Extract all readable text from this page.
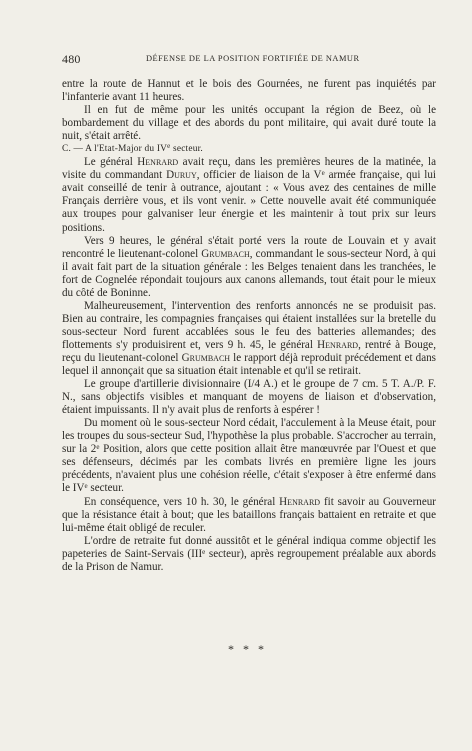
480	DÉFENSE DE LA POSITION FORTIFIÉE DE NAMUR

entre la route de Hannut et le bois des Gournées, ne furent pas inquiétés par l'infanterie avant 11 heures.

Il en fut de même pour les unités occupant la région de Beez, où le bombardement du village et des abords du pont militaire, qui avait duré toute la nuit, s'était arrêté.

C. — A l'Etat-Major du IVe secteur.

Le général Henrard avait reçu, dans les premières heures de la matinée, la visite du commandant Duruy, officier de liaison de la Ve armée française, qui lui avait conseillé de tenir à outrance, ajoutant : « Vous avez des centaines de mille Français derrière vous, et ils vont venir. » Cette nouvelle avait été communiquée aux troupes pour galvaniser leur énergie et les maintenir à tout prix sur leurs positions.

Vers 9 heures, le général s'était porté vers la route de Louvain et y avait rencontré le lieutenant-colonel Grumbach, commandant le sous-secteur Nord, à qui il avait fait part de la situation générale : les Belges tenaient dans les tranchées, le fort de Cognelée répondait toujours aux canons allemands, tout était pour le mieux du côté de Boninne.

Malheureusement, l'intervention des renforts annoncés ne se produisit pas. Bien au contraire, les compagnies françaises qui étaient installées sur la bretelle du sous-secteur Nord furent accablées sous le feu des batteries allemandes; des flottements s'y produisirent et, vers 9 h. 45, le général Henrard, rentré à Bouge, reçu du lieutenant-colonel Grumbach le rapport déjà reproduit précédement et dans lequel il annonçait que sa situation était intenable et qu'il se retirait.

Le groupe d'artillerie divisionnaire (I/4 A.) et le groupe de 7 cm. 5 T. A./P. F. N., sans objectifs visibles et manquant de moyens de liaison et d'observation, étaient impuissants. Il n'y avait plus de renforts à espérer !

Du moment où le sous-secteur Nord cédait, l'acculement à la Meuse était, pour les troupes du sous-secteur Sud, l'hypothèse la plus probable. S'accrocher au terrain, sur la 2e Position, alors que cette position allait être manœuvrée par l'Ouest et que ses défenseurs, décimés par les combats livrés en première ligne les jours précédents, n'avaient plus une cohésion réelle, c'était s'exposer à être enfermé dans le IVe secteur.

En conséquence, vers 10 h. 30, le général Henrard fit savoir au Gouverneur que la résistance était à bout; que les bataillons français battaient en retraite et que lui-même était obligé de reculer.

L'ordre de retraite fut donné aussitôt et le général indiqua comme objectif les papeteries de Saint-Servais (IIIe secteur), après regroupement préalable aux abords de la Prison de Namur.

* * *
